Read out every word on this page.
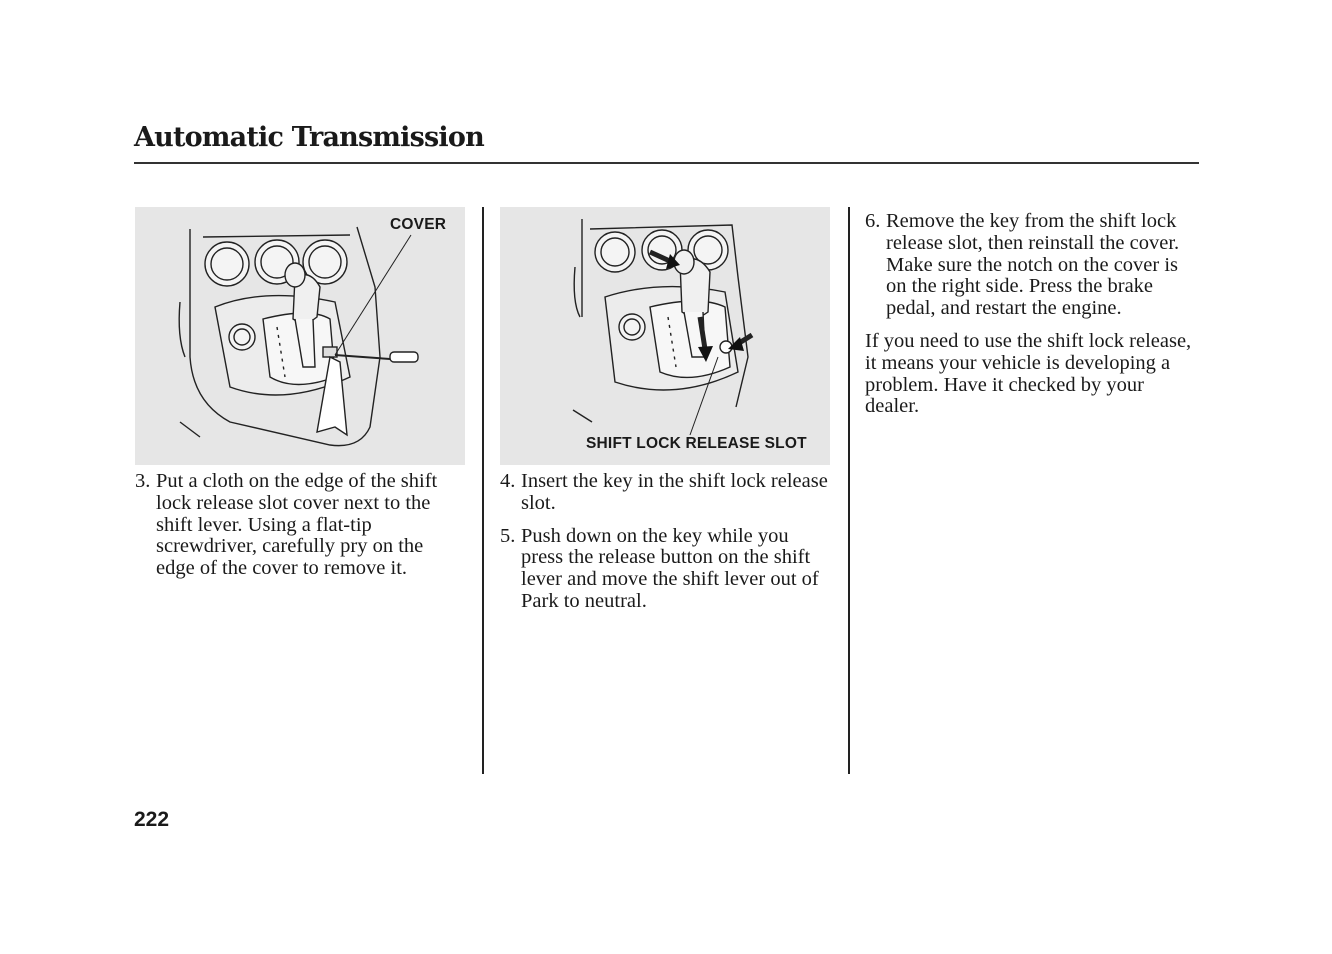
Automatic Transmission
COVER
SHIFT LOCK RELEASE SLOT
3. Put a cloth on the edge of the shift lock release slot cover next to the shift lever. Using a flat-tip screwdriver, carefully pry on the edge of the cover to remove it.
4. Insert the key in the shift lock release slot.
5. Push down on the key while you press the release button on the shift lever and move the shift lever out of Park to neutral.
6. Remove the key from the shift lock release slot, then reinstall the cover. Make sure the notch on the cover is on the right side. Press the brake pedal, and restart the engine.

If you need to use the shift lock release, it means your vehicle is developing a problem. Have it checked by your dealer.

222
